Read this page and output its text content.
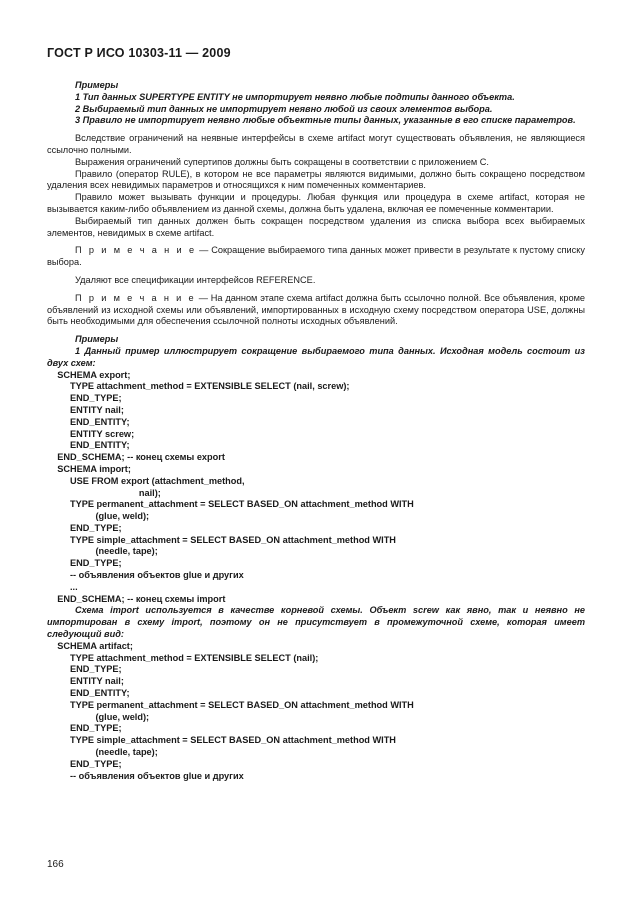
ГОСТ Р ИСО 10303-11 — 2009

Примеры

1 Тип данных SUPERTYPE ENTITY не импортирует неявно любые подтипы данного объекта.

2 Выбираемый тип данных не импортирует неявно любой из своих элементов выбора.

3 Правило не импортирует неявно любые объектные типы данных, указанные в его списке параметров.

Вследствие ограничений на неявные интерфейсы в схеме artifact могут существовать объявления, не являющиеся ссылочно полными.

Выражения ограничений супертипов должны быть сокращены в соответствии с приложением С.

Правило (оператор RULE), в котором не все параметры являются видимыми, должно быть сокращено посредством удаления всех невидимых параметров и относящихся к ним помеченных комментариев.

Правило может вызывать функции и процедуры. Любая функция или процедура в схеме artifact, которая не вызывается каким-либо объявлением из данной схемы, должна быть удалена, включая ее помеченные комментарии.

Выбираемый тип данных должен быть сокращен посредством удаления из списка выбора всех выбираемых элементов, невидимых в схеме artifact.

П р и м е ч а н и е — Сокращение выбираемого типа данных может привести в результате к пустому списку выбора.

Удаляют все спецификации интерфейсов REFERENCE.

П р и м е ч а н и е — На данном этапе схема artifact должна быть ссылочно полной. Все объявления, кроме объявлений из исходной схемы или объявлений, импортированных в исходную схему посредством оператора USE, должны быть необходимыми для обеспечения ссылочной полноты исходных объявлений.

Примеры

1 Данный пример иллюстрирует сокращение выбираемого типа данных. Исходная модель состоит из двух схем:

SCHEMA export;
TYPE attachment_method = EXTENSIBLE SELECT (nail, screw);
END_TYPE;
ENTITY nail;
END_ENTITY;
ENTITY screw;
END_ENTITY;
END_SCHEMA; -- конец схемы export
SCHEMA import;
USE FROM export (attachment_method,
nail);
TYPE permanent_attachment = SELECT BASED_ON attachment_method WITH
(glue, weld);
END_TYPE;
TYPE simple_attachment = SELECT BASED_ON attachment_method WITH
(needle, tape);
END_TYPE;
-- объявления объектов glue и других
...
END_SCHEMA; -- конец схемы import

Схема import используется в качестве корневой схемы. Объект screw как явно, так и неявно не импортирован в схему import, поэтому он не присутствует в промежуточной схеме, которая имеет следующий вид:

SCHEMA artifact;
TYPE attachment_method = EXTENSIBLE SELECT (nail);
END_TYPE;
ENTITY nail;
END_ENTITY;
TYPE permanent_attachment = SELECT BASED_ON attachment_method WITH
(glue, weld);
END_TYPE;
TYPE simple_attachment = SELECT BASED_ON attachment_method WITH
(needle, tape);
END_TYPE;
-- объявления объектов glue и других
166
